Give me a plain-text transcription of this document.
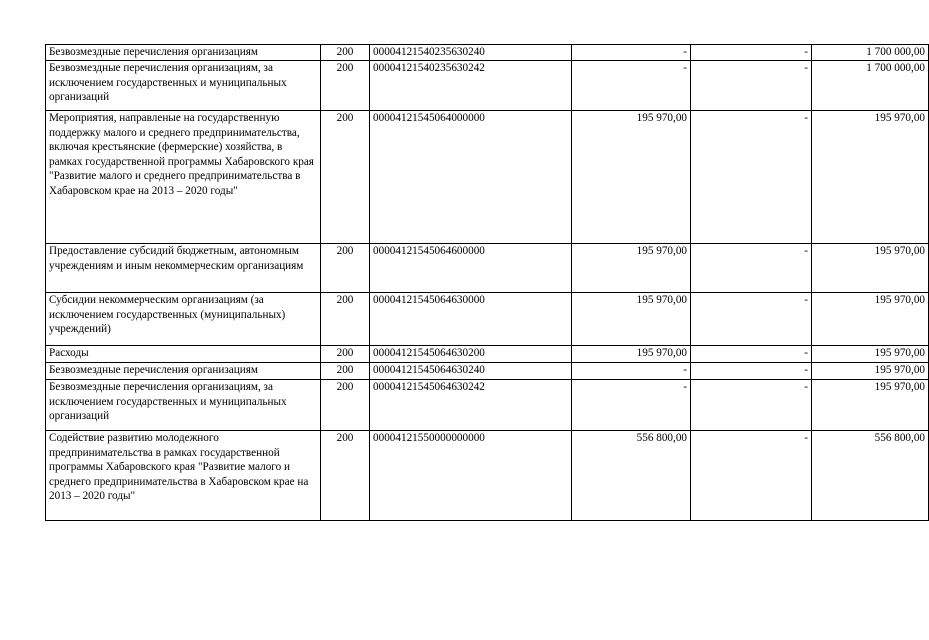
Безвозмездные перечисления организациям	200	00004121540235630240	-	-	1 700 000,00
Безвозмездные перечисления организациям, за исключением государственных и муниципальных организаций	200	00004121540235630242	-	-	1 700 000,00
Мероприятия, направленые на государственную поддержку малого и среднего предпринимательства, включая крестьянские (фермерские) хозяйства, в рамках государственной программы Хабаровского края "Развитие малого и среднего предпринимательства в Хабаровском крае на 2013 – 2020 годы"	200	00004121545064000000	195 970,00	-	195 970,00
Предоставление субсидий бюджетным, автономным учреждениям и иным некоммерческим организациям	200	00004121545064600000	195 970,00	-	195 970,00
Субсидии некоммерческим организациям (за исключением государственных (муниципальных) учреждений)	200	00004121545064630000	195 970,00	-	195 970,00
Расходы	200	00004121545064630200	195 970,00	-	195 970,00
Безвозмездные перечисления организациям	200	00004121545064630240	-	-	195 970,00
Безвозмездные перечисления организациям, за исключением государственных и муниципальных организаций	200	00004121545064630242	-	-	195 970,00
Содействие развитию молодежного предпринимательства в рамках государственной программы Хабаровского края "Развитие малого и среднего предпринимательства в Хабаровском крае на 2013 – 2020 годы"	200	00004121550000000000	556 800,00	-	556 800,00
